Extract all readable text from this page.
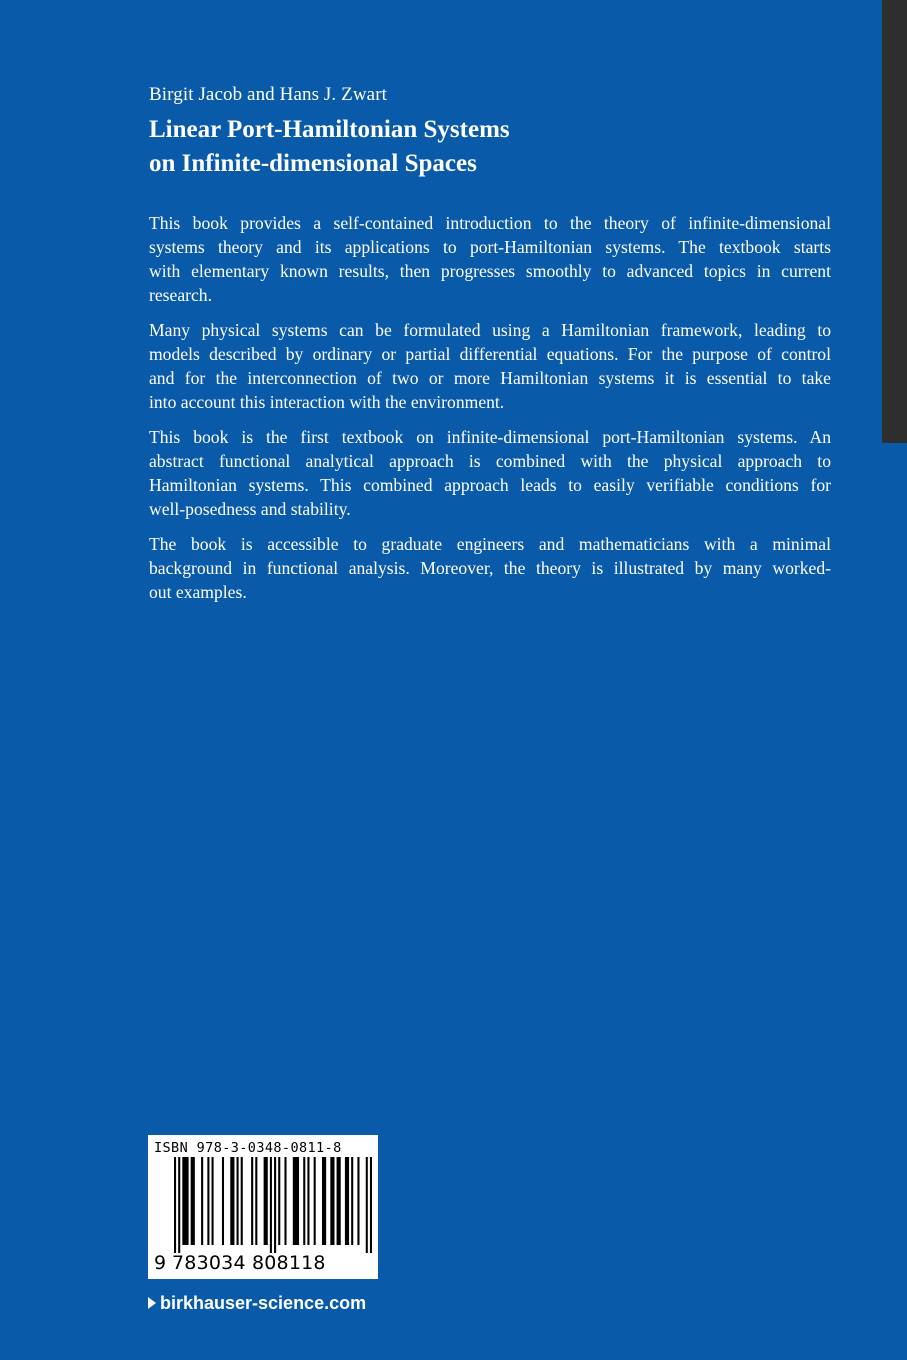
Birgit Jacob and Hans J. Zwart
Linear Port-Hamiltonian Systems
on Infinite-dimensional Spaces

This book provides a self-contained introduction to the theory of infinite-dimensional
systems theory and its applications to port-Hamiltonian systems. The textbook starts
with elementary known results, then progresses smoothly to advanced topics in current
research.

Many physical systems can be formulated using a Hamiltonian framework, leading to
models described by ordinary or partial differential equations. For the purpose of control
and for the interconnection of two or more Hamiltonian systems it is essential to take
into account this interaction with the environment.

This book is the first textbook on infinite-dimensional port-Hamiltonian systems. An
abstract functional analytical approach is combined with the physical approach to
Hamiltonian systems. This combined approach leads to easily verifiable conditions for
well-posedness and stability.

The book is accessible to graduate engineers and mathematicians with a minimal
background in functional analysis. Moreover, the theory is illustrated by many worked-
out examples.

ISBN 978-3-0348-0811-8
9 783034 808118
birkhauser-science.com
